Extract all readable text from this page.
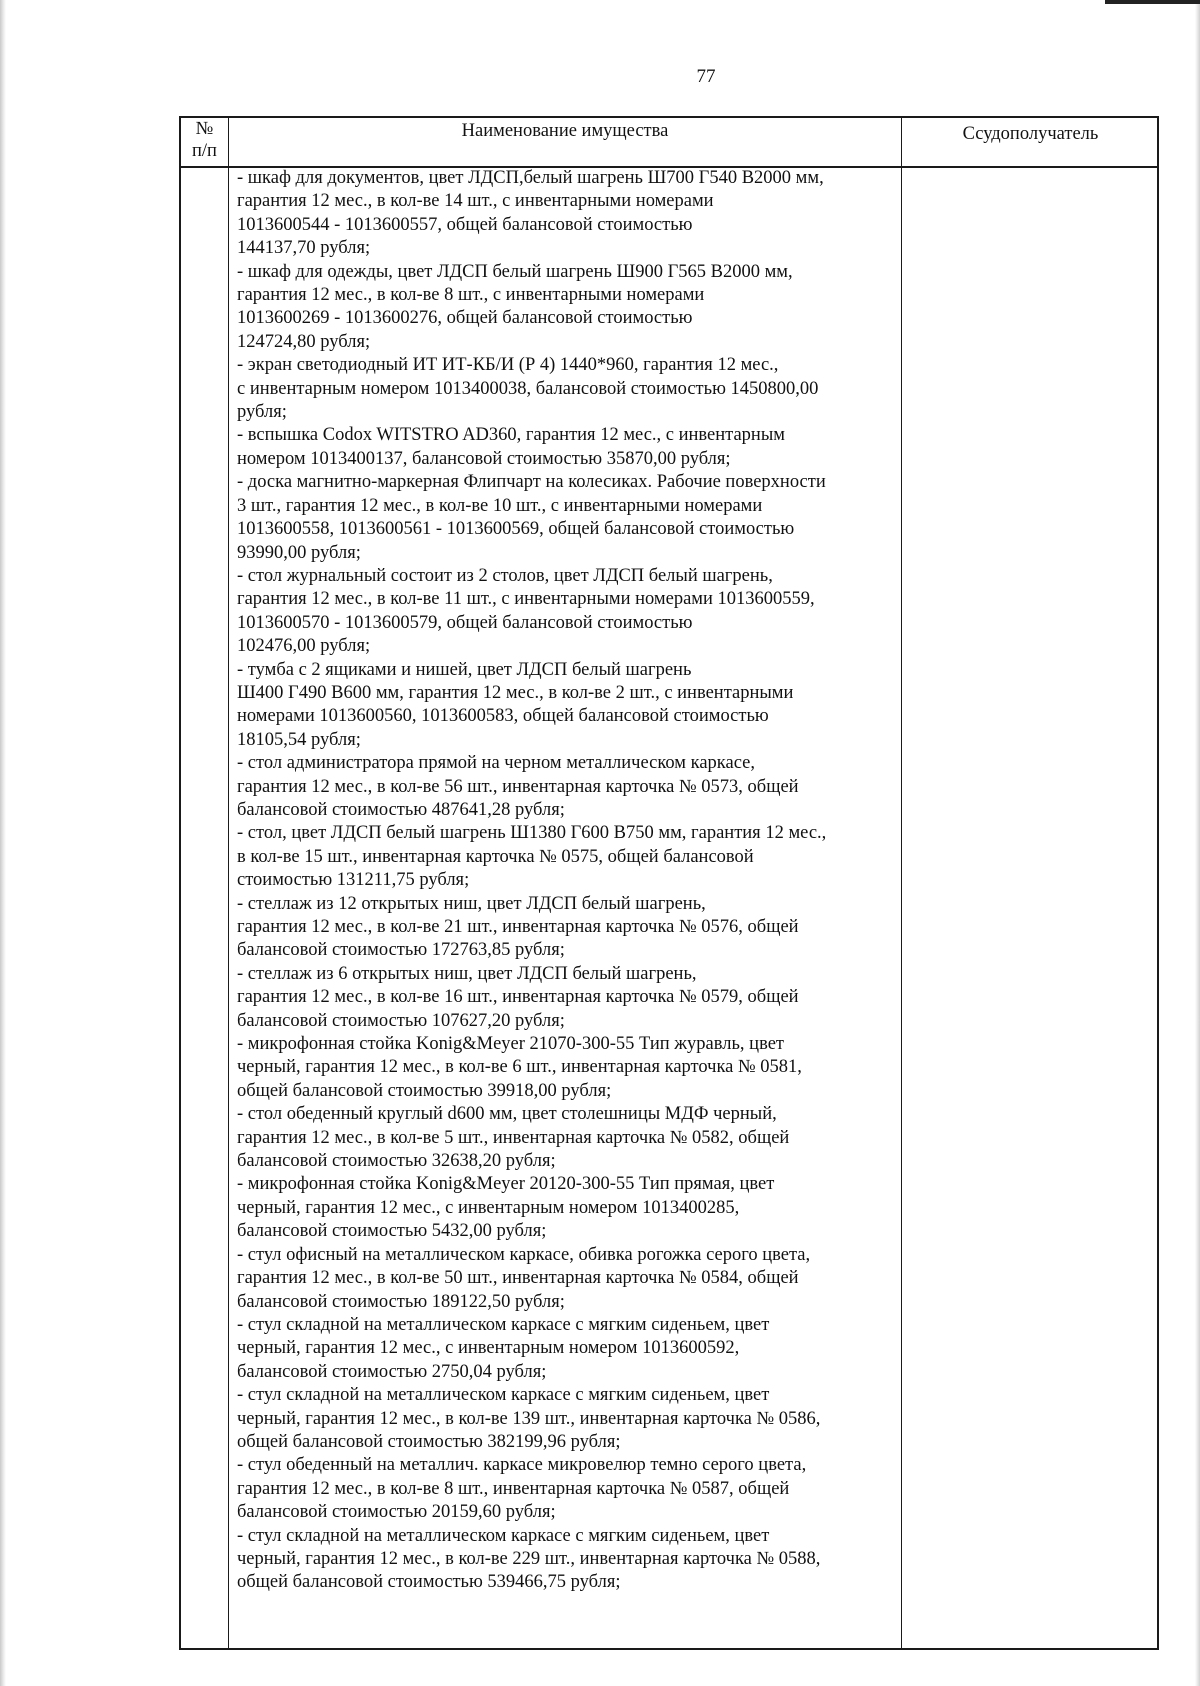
77
№
п/п
Наименование имущества	Ссудополучатель
- шкаф для документов, цвет ЛДСП,белый шагрень Ш700 Г540 В2000 мм,
гарантия 12 мес., в кол-ве 14 шт., с инвентарными номерами
1013600544 - 1013600557, общей балансовой стоимостью
144137,70 рубля;
- шкаф для одежды, цвет ЛДСП белый шагрень Ш900 Г565 В2000 мм,
гарантия 12 мес., в кол-ве 8 шт., с инвентарными номерами
1013600269 - 1013600276, общей балансовой стоимостью
124724,80 рубля;
- экран светодиодный ИТ ИТ-КБ/И (Р 4) 1440*960, гарантия 12 мес.,
с инвентарным номером 1013400038, балансовой стоимостью 1450800,00
рубля;
- вспышка Codox WITSTRO AD360, гарантия 12 мес., с инвентарным
номером 1013400137, балансовой стоимостью 35870,00 рубля;
- доска магнитно-маркерная Флипчарт на колесиках. Рабочие поверхности
3 шт., гарантия 12 мес., в кол-ве 10 шт., с инвентарными номерами
1013600558, 1013600561 - 1013600569, общей балансовой стоимостью
93990,00 рубля;
- стол журнальный состоит из 2 столов, цвет ЛДСП белый шагрень,
гарантия 12 мес., в кол-ве 11 шт., с инвентарными номерами 1013600559,
1013600570 - 1013600579, общей балансовой стоимостью
102476,00 рубля;
- тумба с 2 ящиками и нишей, цвет ЛДСП белый шагрень
Ш400 Г490 В600 мм, гарантия 12 мес., в кол-ве 2 шт., с инвентарными
номерами 1013600560, 1013600583, общей балансовой стоимостью
18105,54 рубля;
- стол администратора прямой на черном металлическом каркасе,
гарантия 12 мес., в кол-ве 56 шт., инвентарная карточка № 0573, общей
балансовой стоимостью 487641,28 рубля;
- стол, цвет ЛДСП белый шагрень Ш1380 Г600 В750 мм, гарантия 12 мес.,
в кол-ве 15 шт., инвентарная карточка № 0575, общей балансовой
стоимостью 131211,75 рубля;
- стеллаж из 12 открытых ниш, цвет ЛДСП белый шагрень,
гарантия 12 мес., в кол-ве 21 шт., инвентарная карточка № 0576, общей
балансовой стоимостью 172763,85 рубля;
- стеллаж из 6 открытых ниш, цвет ЛДСП белый шагрень,
гарантия 12 мес., в кол-ве 16 шт., инвентарная карточка № 0579, общей
балансовой стоимостью 107627,20 рубля;
- микрофонная стойка Konig&Meyer 21070-300-55 Тип журавль, цвет
черный, гарантия 12 мес., в кол-ве 6 шт., инвентарная карточка № 0581,
общей балансовой стоимостью 39918,00 рубля;
- стол обеденный круглый d600 мм, цвет столешницы МДФ черный,
гарантия 12 мес., в кол-ве 5 шт., инвентарная карточка № 0582, общей
балансовой стоимостью 32638,20 рубля;
- микрофонная стойка Konig&Meyer 20120-300-55 Тип прямая, цвет
черный, гарантия 12 мес., с инвентарным номером 1013400285,
балансовой стоимостью 5432,00 рубля;
- стул офисный на металлическом каркасе, обивка рогожка серого цвета,
гарантия 12 мес., в кол-ве 50 шт., инвентарная карточка № 0584, общей
балансовой стоимостью 189122,50 рубля;
- стул складной на металлическом каркасе с мягким сиденьем, цвет
черный, гарантия 12 мес., с инвентарным номером 1013600592,
балансовой стоимостью 2750,04 рубля;
- стул складной на металлическом каркасе с мягким сиденьем, цвет
черный, гарантия 12 мес., в кол-ве 139 шт., инвентарная карточка № 0586,
общей балансовой стоимостью 382199,96 рубля;
- стул обеденный на металлич. каркасе микровелюр темно серого цвета,
гарантия 12 мес., в кол-ве 8 шт., инвентарная карточка № 0587, общей
балансовой стоимостью 20159,60 рубля;
- стул складной на металлическом каркасе с мягким сиденьем, цвет
черный, гарантия 12 мес., в кол-ве 229 шт., инвентарная карточка № 0588,
общей балансовой стоимостью 539466,75 рубля;
